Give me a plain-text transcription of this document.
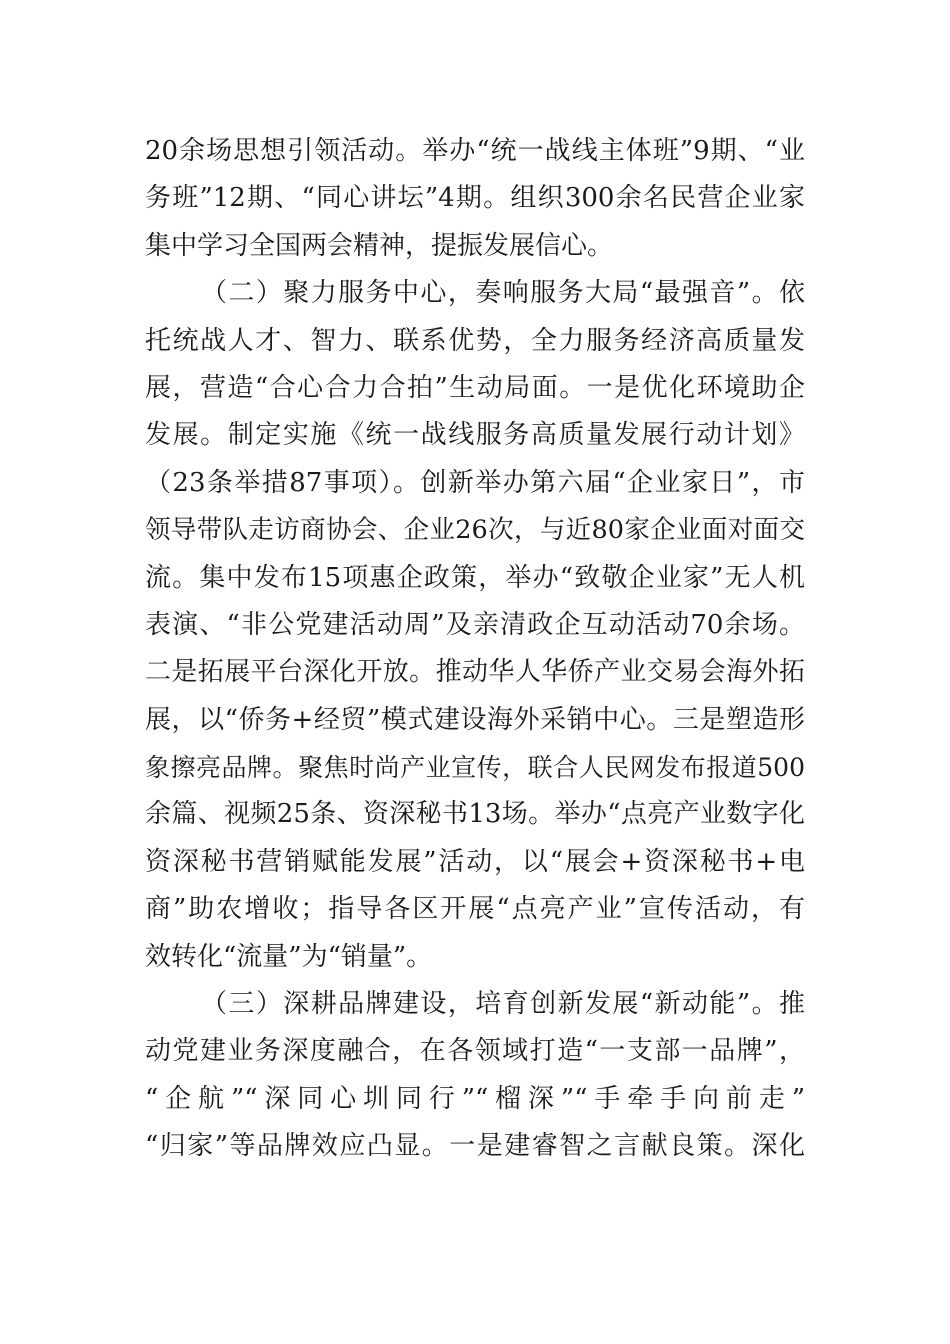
20余场思想引领活动。举办“统一战线主体班”9期、“业
务班”12期、“同心讲坛”4期。组织300余名民营企业家
集中学习全国两会精神，提振发展信心。
（二）聚力服务中心，奏响服务大局“最强音”。依
托统战人才、智力、联系优势，全力服务经济高质量发
展，营造“合心合力合拍”生动局面。一是优化环境助企
发展。制定实施《统一战线服务高质量发展行动计划》
（23条举措87事项）。创新举办第六届“企业家日”，市
领导带队走访商协会、企业26次，与近80家企业面对面交
流。集中发布15项惠企政策，举办“致敬企业家”无人机
表演、“非公党建活动周”及亲清政企互动活动70余场。
二是拓展平台深化开放。推动华人华侨产业交易会海外拓
展，以“侨务+经贸”模式建设海外采销中心。三是塑造形
象擦亮品牌。聚焦时尚产业宣传，联合人民网发布报道500
余篇、视频25条、资深秘书13场。举办“点亮产业数字化
资深秘书营销赋能发展”活动，以“展会+资深秘书+电
商”助农增收；指导各区开展“点亮产业”宣传活动，有
效转化“流量”为“销量”。
（三）深耕品牌建设，培育创新发展“新动能”。推
动党建业务深度融合，在各领域打造“一支部一品牌”，
“企航”“深同心圳同行”“榴深”“手牵手向前走”
“归家”等品牌效应凸显。一是建睿智之言献良策。深化
